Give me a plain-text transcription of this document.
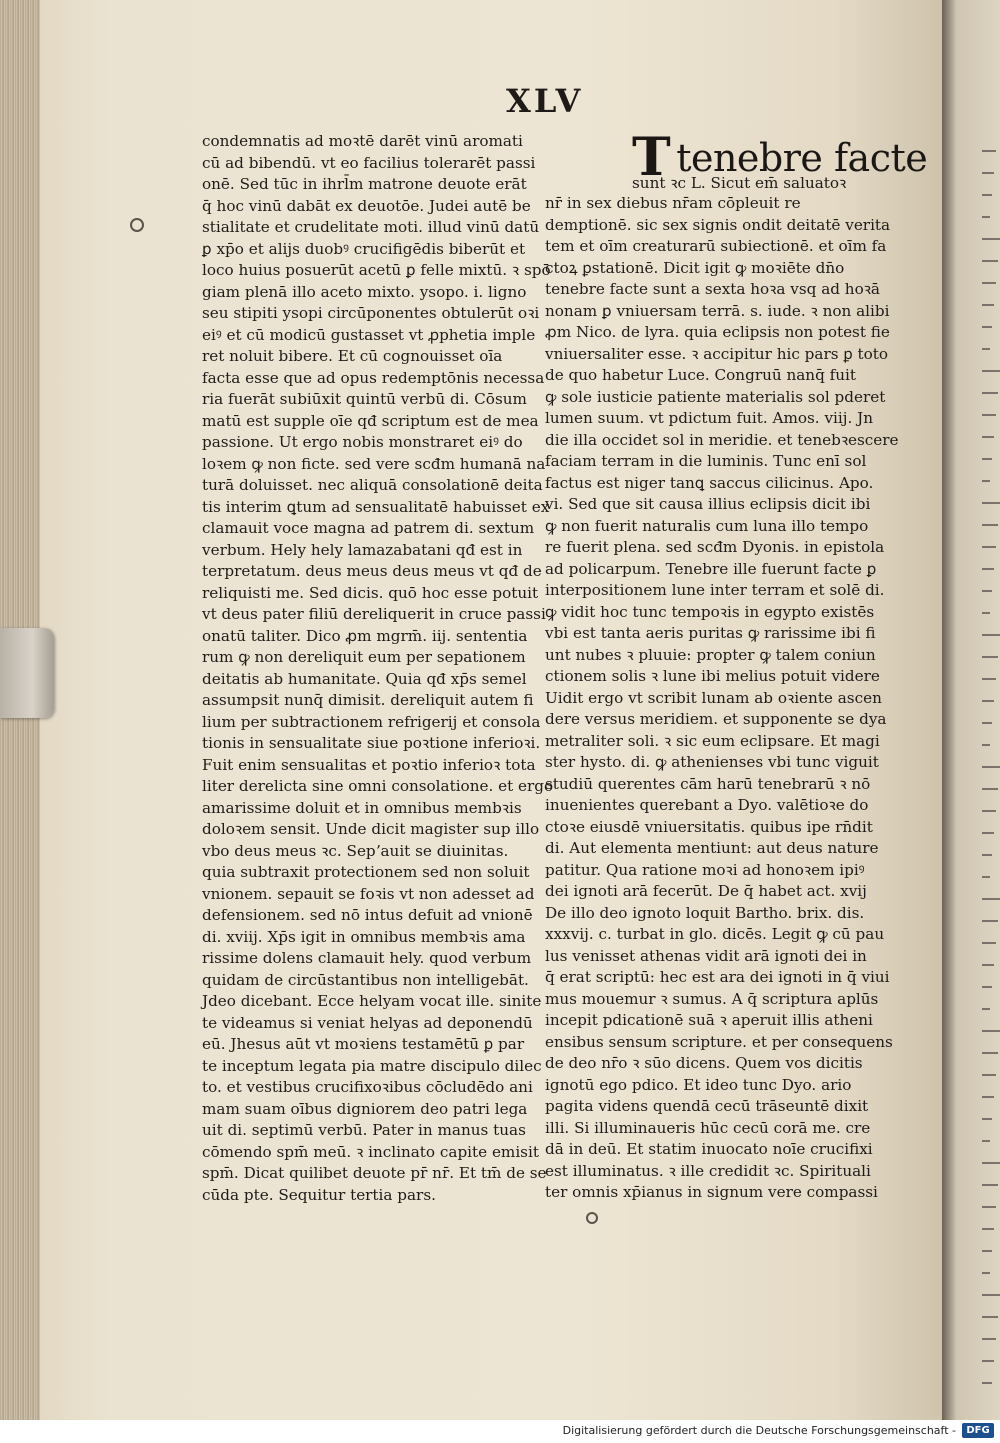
XLV
T tenebre facte
sunt ꝛc L. Sicut em̄ saluatoꝛ
condemnatis ad moꝛtē darēt vinū aromati
cū ad bibendū. vt eo facilius tolerarēt passi
onē. Sed tūc in ihrl̄m matrone deuote erāt
q̄ hoc vinū dabāt ex deuotōe. Judei autē be
stialitate et crudelitate moti. illud vinū datū
ꝑ xp̄o et alijs duobꝰ crucifigēdis biberūt et
loco huius posuerūt acetū ꝑ felle mixtū. ꝛ spō
giam plenā illo aceto mixto. ysopo. i. ligno
seu stipiti ysopi circūponentes obtulerūt oꝛi
eiꝰ et cū modicū gustasset vt ꝓphetia imple
ret noluit bibere. Et cū cognouisset oīa
facta esse que ad opus redemptōnis necessa
ria fuerāt subiūxit quintū verbū di. Cōsum
matū est supple oīe qđ scriptum est de mea
passione. Ut ergo nobis monstraret eiꝰ do
loꝛem ꝙ non ficte. sed vere scđm humanā na
turā doluisset. nec aliquā consolationē deita
tis interim ꝗtum ad sensualitatē habuisset ex
clamauit voce magna ad patrem di. sextum
verbum. Hely hely lamazabatani qđ est in
terpretatum. deus meus deus meus vt qđ de
reliquisti me. Sed dicis. quō hoc esse potuit
vt deus pater filiū dereliquerit in cruce passi
onatū taliter. Dico ꝓm mgrm̄. iij. sententia
rum ꝙ non dereliquit eum per sepationem
deitatis ab humanitate. Quia qđ xp̄s semel
assumpsit nunq̄ dimisit. dereliquit autem fi
lium per subtractionem refrigerij et consola
tionis in sensualitate siue poꝛtione inferioꝛi.
Fuit enim sensualitas et poꝛtio inferioꝛ tota
liter derelicta sine omni consolatione. et ergo
amarissime doluit et in omnibus membꝛis
doloꝛem sensit. Unde dicit magister sup illo
vbo deus meus ꝛc. Sepʼauit se diuinitas.
quia subtraxit protectionem sed non soluit
vnionem. sepauit se foꝛis vt non adesset ad
defensionem. sed nō intus defuit ad vnionē
di. xviij. Xp̄s igit in omnibus membꝛis ama
rissime dolens clamauit hely. quod verbum
quidam de circūstantibus non intelligebāt.
Jdeo dicebant. Ecce helyam vocat ille. sinite
te videamus si veniat helyas ad deponendū
eū. Jhesus aūt vt moꝛiens testamētū ꝑ par
te inceptum legata pia matre discipulo dilec
to. et vestibus crucifixoꝛibus cōcludēdo ani
mam suam oībus digniorem deo patri lega
uit di. septimū verbū. Pater in manus tuas
cōmendo spm̄ meū. ꝛ inclinato capite emisit
spm̄. Dicat quilibet deuote pr̄ nr̄. Et tm̄ de se
cūda pte. Sequitur tertia pars.
nr̄ in sex diebus nr̄am cōpleuit re
demptionē. sic sex signis ondit deitatē verita
tem et oīm creaturarū subiectionē. et oīm fa
ctoꝝ ꝑstationē. Dicit igit ꝙ moꝛiēte dn̄o
tenebre facte sunt a sexta hoꝛa vsq ad hoꝛā
nonam ꝑ vniuersam terrā. s. iude. ꝛ non alibi
ꝓm Nico. de lyra. quia eclipsis non potest fie
vniuersaliter esse. ꝛ accipitur hic pars ꝑ toto
de quo habetur Luce. Congruū nanq̄ fuit
ꝙ sole iusticie patiente materialis sol pderet
lumen suum. vt pdictum fuit. Amos. viij. Jn
die illa occidet sol in meridie. et tenebꝛescere
faciam terram in die luminis. Tunc enī sol
factus est niger tanꝗ saccus cilicinus. Apo.
vi. Sed que sit causa illius eclipsis dicit ibi
ꝙ non fuerit naturalis cum luna illo tempo
re fuerit plena. sed scđm Dyonis. in epistola
ad policarpum. Tenebre ille fuerunt facte ꝑ
interpositionem lune inter terram et solē di.
ꝙ vidit hoc tunc tempoꝛis in egypto existēs
vbi est tanta aeris puritas ꝙ rarissime ibi fi
unt nubes ꝛ pluuie: propter ꝙ talem coniun
ctionem solis ꝛ lune ibi melius potuit videre
Uidit ergo vt scribit lunam ab oꝛiente ascen
dere versus meridiem. et supponente se dya
metraliter soli. ꝛ sic eum eclipsare. Et magi
ster hysto. di. ꝙ athenienses vbi tunc viguit
studiū querentes cām harū tenebrarū ꝛ nō
inuenientes querebant a Dyo. valētioꝛe do
ctoꝛe eiusdē vniuersitatis. quibus ipe rn̄dit
di. Aut elementa mentiunt: aut deus nature
patitur. Qua ratione moꝛi ad honoꝛem ipiꝰ
dei ignoti arā fecerūt. De q̄ habet act. xvij
De illo deo ignoto loquit Bartho. brix. dis.
xxxvij. c. turbat in glo. dicēs. Legit ꝙ cū pau
lus venisset athenas vidit arā ignoti dei in
q̄ erat scriptū: hec est ara dei ignoti in q̄ viui
mus mouemur ꝛ sumus. A q̄ scriptura aplūs
incepit pdicationē suā ꝛ aperuit illis atheni
ensibus sensum scripture. et per consequens
de deo nr̄o ꝛ sūo dicens. Quem vos dicitis
ignotū ego pdico. Et ideo tunc Dyo. ario
pagita videns quendā cecū trāseuntē dixit
illi. Si illuminaueris hūc cecū corā me. cre
dā in deū. Et statim inuocato noīe crucifixi
est illuminatus. ꝛ ille credidit ꝛc. Spirituali
ter omnis xp̄ianus in signum vere compassi
Digitalisierung gefördert durch die Deutsche Forschungsgemeinschaft -	DFG
